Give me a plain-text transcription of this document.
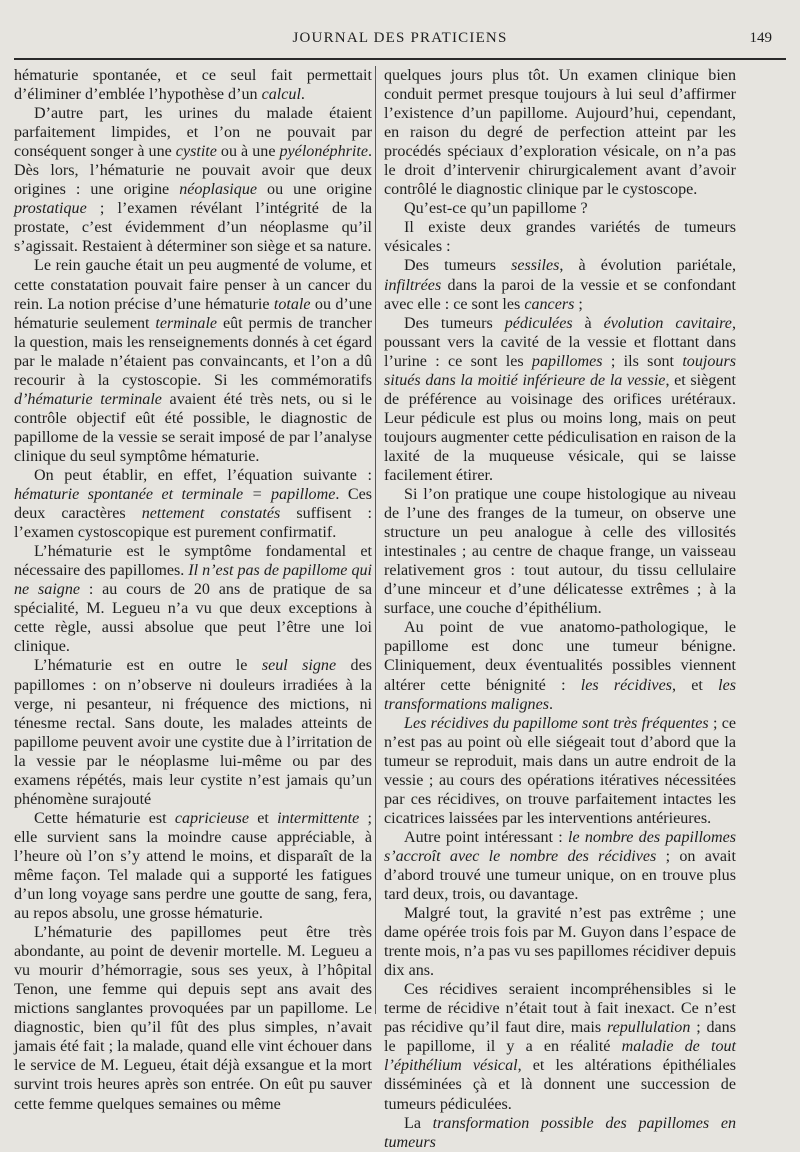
JOURNAL DES PRATICIENS	149

hématurie spontanée, et ce seul fait permettait d’éliminer d’emblée l’hypothèse d’un calcul.

D’autre part, les urines du malade étaient parfaitement limpides, et l’on ne pouvait par conséquent songer à une cystite ou à une pyélonéphrite. Dès lors, l’hématurie ne pouvait avoir que deux origines : une origine néoplasique ou une origine prostatique ; l’examen révélant l’intégrité de la prostate, c’est évidemment d’un néoplasme qu’il s’agissait. Restaient à déterminer son siège et sa nature.

Le rein gauche était un peu augmenté de volume, et cette constatation pouvait faire penser à un cancer du rein. La notion précise d’une hématurie totale ou d’une hématurie seulement terminale eût permis de trancher la question, mais les renseignements donnés à cet égard par le malade n’étaient pas convaincants, et l’on a dû recourir à la cystoscopie. Si les commémoratifs d’hématurie terminale avaient été très nets, ou si le contrôle objectif eût été possible, le diagnostic de papillome de la vessie se serait imposé de par l’analyse clinique du seul symptôme hématurie.

On peut établir, en effet, l’équation suivante : hématurie spontanée et terminale = papillome. Ces deux caractères nettement constatés suffisent : l’examen cystoscopique est purement confirmatif.

L’hématurie est le symptôme fondamental et nécessaire des papillomes. Il n’est pas de papillome qui ne saigne : au cours de 20 ans de pratique de sa spécialité, M. Legueu n’a vu que deux exceptions à cette règle, aussi absolue que peut l’être une loi clinique.

L’hématurie est en outre le seul signe des papillomes : on n’observe ni douleurs irradiées à la verge, ni pesanteur, ni fréquence des mictions, ni ténesme rectal. Sans doute, les malades atteints de papillome peuvent avoir une cystite due à l’irritation de la vessie par le néoplasme lui-même ou par des examens répétés, mais leur cystite n’est jamais qu’un phénomène surajouté

Cette hématurie est capricieuse et intermittente ; elle survient sans la moindre cause appréciable, à l’heure où l’on s’y attend le moins, et disparaît de la même façon. Tel malade qui a supporté les fatigues d’un long voyage sans perdre une goutte de sang, fera, au repos absolu, une grosse hématurie.

L’hématurie des papillomes peut être très abondante, au point de devenir mortelle. M. Legueu a vu mourir d’hémorragie, sous ses yeux, à l’hôpital Tenon, une femme qui depuis sept ans avait des mictions sanglantes provoquées par un papillome. Le diagnostic, bien qu’il fût des plus simples, n’avait jamais été fait ; la malade, quand elle vint échouer dans le service de M. Legueu, était déjà exsangue et la mort survint trois heures après son entrée. On eût pu sauver cette femme quelques semaines ou même

quelques jours plus tôt. Un examen clinique bien conduit permet presque toujours à lui seul d’affirmer l’existence d’un papillome. Aujourd’hui, cependant, en raison du degré de perfection atteint par les procédés spéciaux d’exploration vésicale, on n’a pas le droit d’intervenir chirurgicalement avant d’avoir contrôlé le diagnostic clinique par le cystoscope.

Qu’est-ce qu’un papillome ?

Il existe deux grandes variétés de tumeurs vésicales :

Des tumeurs sessiles, à évolution pariétale, infiltrées dans la paroi de la vessie et se confondant avec elle : ce sont les cancers ;

Des tumeurs pédiculées à évolution cavitaire, poussant vers la cavité de la vessie et flottant dans l’urine : ce sont les papillomes ; ils sont toujours situés dans la moitié inférieure de la vessie, et siègent de préférence au voisinage des orifices urétéraux. Leur pédicule est plus ou moins long, mais on peut toujours augmenter cette pédiculisation en raison de la laxité de la muqueuse vésicale, qui se laisse facilement étirer.

Si l’on pratique une coupe histologique au niveau de l’une des franges de la tumeur, on observe une structure un peu analogue à celle des villosités intestinales ; au centre de chaque frange, un vaisseau relativement gros : tout autour, du tissu cellulaire d’une minceur et d’une délicatesse extrêmes ; à la surface, une couche d’épithélium.

Au point de vue anatomo-pathologique, le papillome est donc une tumeur bénigne. Cliniquement, deux éventualités possibles viennent altérer cette bénignité : les récidives, et les transformations malignes.

Les récidives du papillome sont très fréquentes ; ce n’est pas au point où elle siégeait tout d’abord que la tumeur se reproduit, mais dans un autre endroit de la vessie ; au cours des opérations itératives nécessitées par ces récidives, on trouve parfaitement intactes les cicatrices laissées par les interventions antérieures.

Autre point intéressant : le nombre des papillomes s’accroît avec le nombre des récidives ; on avait d’abord trouvé une tumeur unique, on en trouve plus tard deux, trois, ou davantage.

Malgré tout, la gravité n’est pas extrême ; une dame opérée trois fois par M. Guyon dans l’espace de trente mois, n’a pas vu ses papillomes récidiver depuis dix ans.

Ces récidives seraient incompréhensibles si le terme de récidive n’était tout à fait inexact. Ce n’est pas récidive qu’il faut dire, mais repullulation ; dans le papillome, il y a en réalité maladie de tout l’épithélium vésical, et les altérations épithéliales disséminées çà et là donnent une succession de tumeurs pédiculées.

La transformation possible des papillomes en tumeurs
